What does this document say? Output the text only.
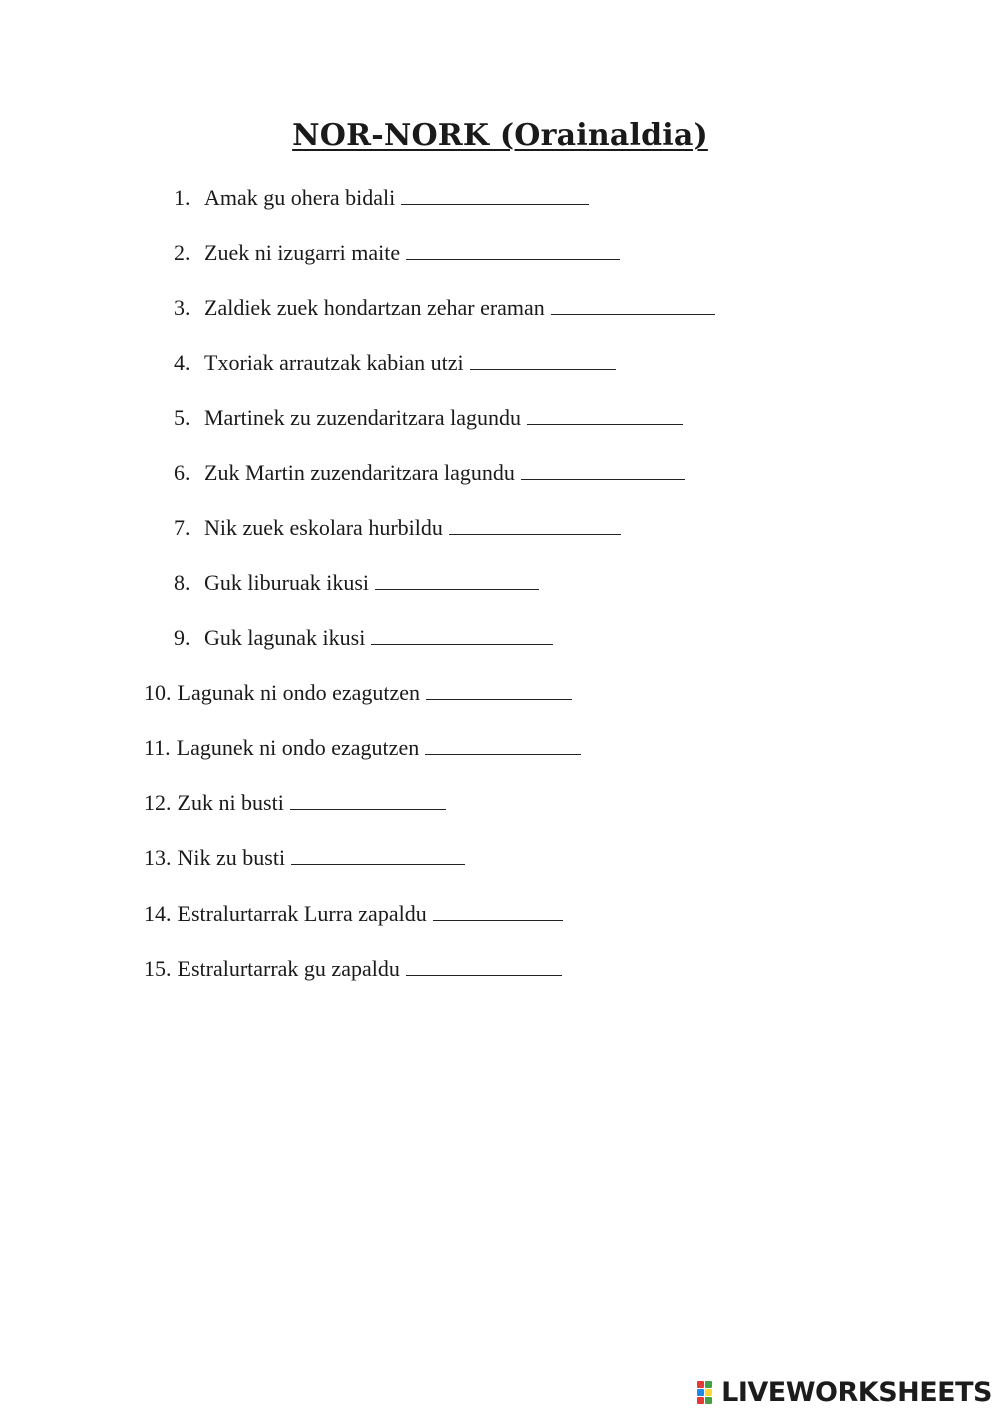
NOR-NORK (Orainaldia)
1. Amak gu ohera bidali
2. Zuek ni izugarri maite
3. Zaldiek zuek hondartzan zehar eraman
4. Txoriak arrautzak kabian utzi
5. Martinek zu zuzendaritzara lagundu
6. Zuk Martin zuzendaritzara lagundu
7. Nik zuek eskolara hurbildu
8. Guk liburuak ikusi
9. Guk lagunak ikusi
10. Lagunak ni ondo ezagutzen
11. Lagunek ni ondo ezagutzen
12. Zuk ni busti
13. Nik zu busti
14. Estralurtarrak Lurra zapaldu
15. Estralurtarrak gu zapaldu
LIVEWORKSHEETS
